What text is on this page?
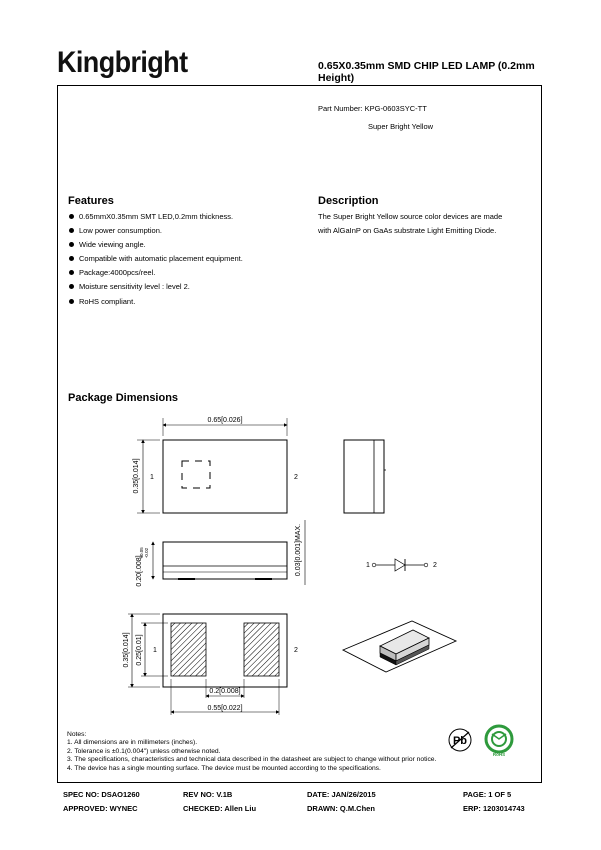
Kingbright	0.65X0.35mm SMD CHIP LED LAMP (0.2mm Height)
Part Number: KPG-0603SYC-TT
Super Bright Yellow
Features
0.65mmX0.35mm SMT LED,0.2mm thickness.
Low power consumption.
Wide viewing angle.
Compatible with automatic placement equipment.
Package:4000pcs/reel.
Moisture sensitivity level : level 2.
RoHS compliant.
Description
The Super Bright Yellow source color devices are made
with AlGaInP on GaAs substrate Light Emitting Diode.
Package Dimensions
0.65[0.026]
0.35[0.014] 1	2
0.20[.008]
+0.05 -0.02	0.03[0.001]MAX.	1	2
0.35[0.014] 0.25[0.01] 1	2
0.2[0.008]
0.55[0.022]
Notes:
1. All dimensions are in millimeters (inches).
2. Tolerance is ±0.1(0.004") unless otherwise noted.
3. The specifications, characteristics and technical data described in the datasheet are subject to change without prior notice.
4. The device has a single mounting surface. The device must be mounted according to the specifications.
Pb
RoHS
SPEC NO: DSAO1260	REV NO: V.1B	DATE: JAN/26/2015	PAGE: 1 OF 5
APPROVED: WYNEC	CHECKED: Allen Liu	DRAWN: Q.M.Chen	ERP: 1203014743
